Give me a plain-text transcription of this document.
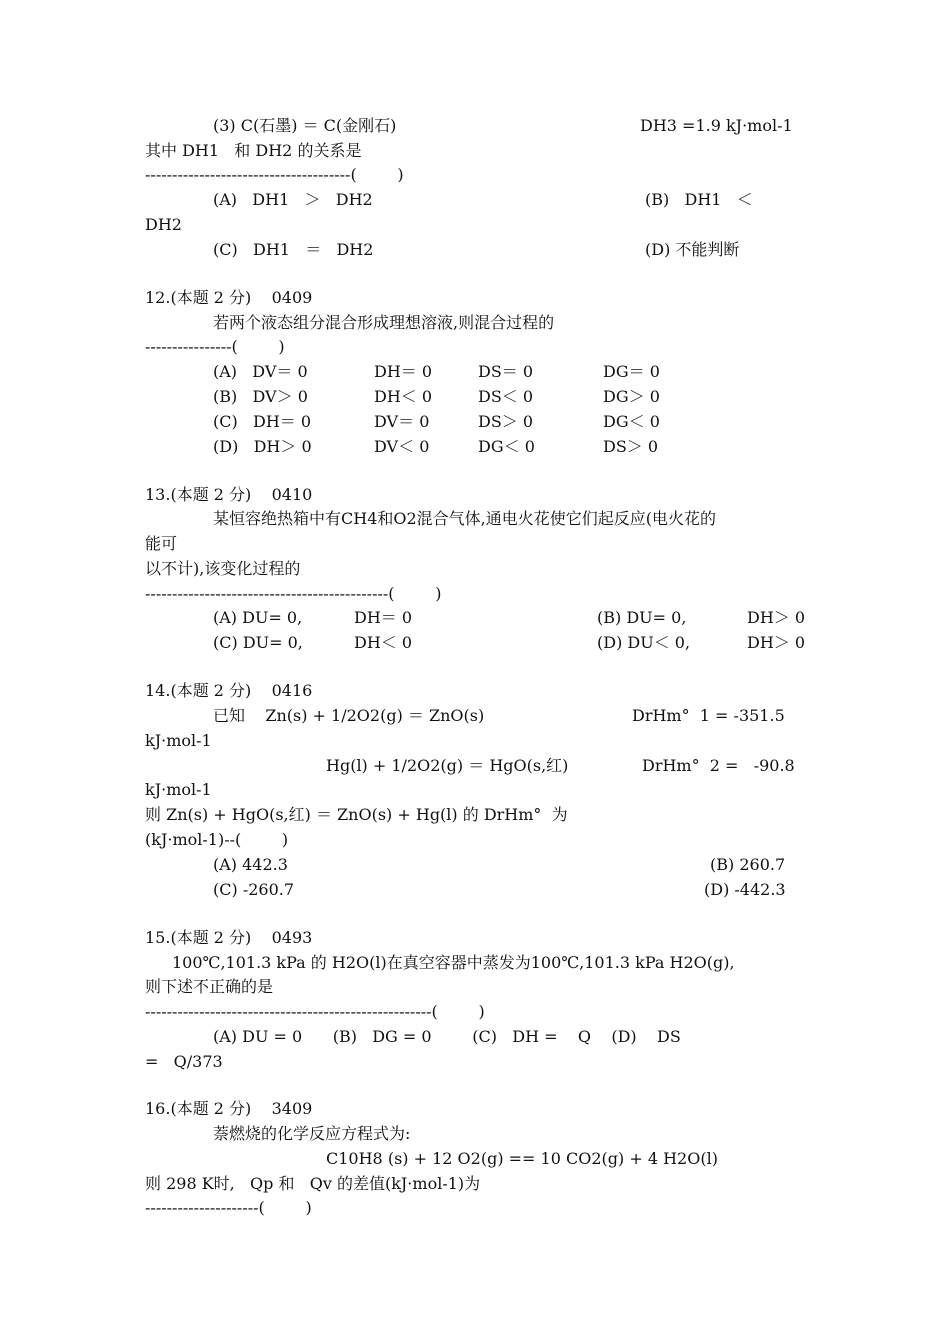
(3) C(石墨) ＝ C(金刚石)	DH3 =1.9 kJ·mol-1
其中 DH1   和 DH2 的关系是
--------------------------------------(        )
(A)   DH1   ＞   DH2	(B)   DH1   ＜
DH2
(C)   DH1   ＝   DH2	(D) 不能判断
12.(本题 2 分)    0409
若两个液态组分混合形成理想溶液,则混合过程的
----------------(        )
(A)   DV＝ 0	DH＝ 0	DS＝ 0	DG＝ 0
(B)   DV＞ 0	DH＜ 0	DS＜ 0	DG＞ 0
(C)   DH＝ 0	DV＝ 0	DS＞ 0	DG＜ 0
(D)   DH＞ 0	DV＜ 0	DG＜ 0	DS＞ 0
13.(本题 2 分)    0410
某恒容绝热箱中有CH4和O2混合气体,通电火花使它们起反应(电火花的
能可
以不计),该变化过程的
---------------------------------------------(        )
(A) DU= 0,	DH＝ 0	(B) DU= 0,	DH＞ 0
(C) DU= 0,	DH＜ 0	(D) DU＜ 0,	DH＞ 0
14.(本题 2 分)    0416
已知    Zn(s) + 1/2O2(g) ＝ ZnO(s)	DrHm°  1 = -351.5
kJ·mol-1
Hg(l) + 1/2O2(g) ＝ HgO(s,红)	DrHm°  2 =   -90.8
kJ·mol-1
则 Zn(s) + HgO(s,红) ＝ ZnO(s) + Hg(l) 的 DrHm°  为
(kJ·mol-1)--(        )
(A) 442.3	(B) 260.7
(C) -260.7	(D) -442.3
15.(本题 2 分)    0493
100℃,101.3 kPa 的 H2O(l)在真空容器中蒸发为100℃,101.3 kPa H2O(g),
则下述不正确的是
-----------------------------------------------------(        )
(A) DU = 0      (B)   DG = 0        (C)   DH =    Q    (D)    DS
=   Q/373
16.(本题 2 分)    3409
萘燃烧的化学反应方程式为:
C10H8 (s) + 12 O2(g) == 10 CO2(g) + 4 H2O(l)
则 298 K时,   Qp 和   Qv 的差值(kJ·mol-1)为
---------------------(        )
